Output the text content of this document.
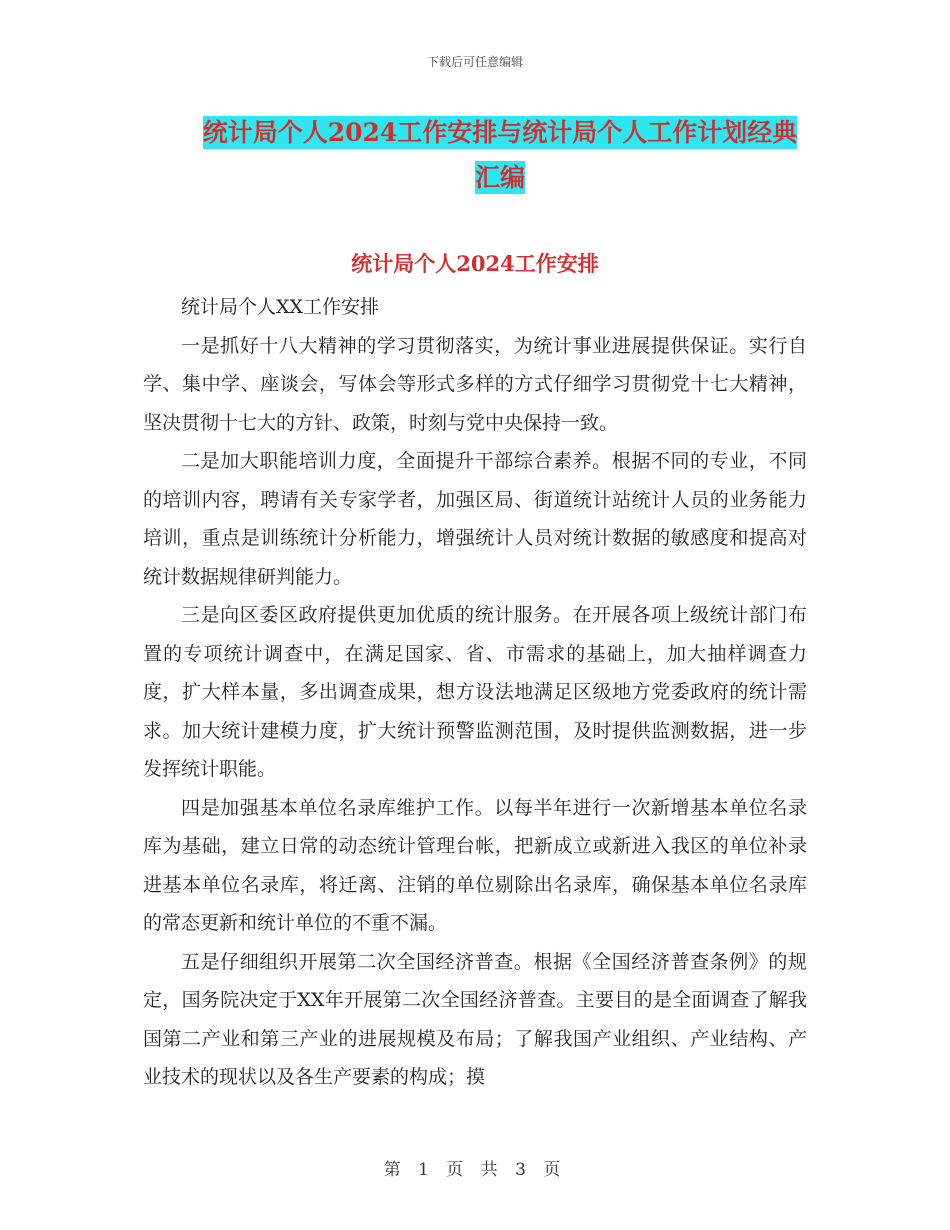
下载后可任意编辑
统计局个人2024工作安排与统计局个人工作计划经典
汇编
统计局个人2024工作安排

统计局个人XX工作安排

一是抓好十八大精神的学习贯彻落实，为统计事业进展提供保证。实行自学、集中学、座谈会，写体会等形式多样的方式仔细学习贯彻党十七大精神，坚决贯彻十七大的方针、政策，时刻与党中央保持一致。

二是加大职能培训力度，全面提升干部综合素养。根据不同的专业，不同的培训内容，聘请有关专家学者，加强区局、街道统计站统计人员的业务能力培训，重点是训练统计分析能力，增强统计人员对统计数据的敏感度和提高对统计数据规律研判能力。

三是向区委区政府提供更加优质的统计服务。在开展各项上级统计部门布置的专项统计调查中，在满足国家、省、市需求的基础上，加大抽样调查力度，扩大样本量，多出调查成果，想方设法地满足区级地方党委政府的统计需求。加大统计建模力度，扩大统计预警监测范围，及时提供监测数据，进一步发挥统计职能。

四是加强基本单位名录库维护工作。以每半年进行一次新增基本单位名录库为基础，建立日常的动态统计管理台帐，把新成立或新进入我区的单位补录进基本单位名录库，将迁离、注销的单位剔除出名录库，确保基本单位名录库的常态更新和统计单位的不重不漏。

五是仔细组织开展第二次全国经济普查。根据《全国经济普查条例》的规定，国务院决定于XX年开展第二次全国经济普查。主要目的是全面调查了解我国第二产业和第三产业的进展规模及布局；了解我国产业组织、产业结构、产业技术的现状以及各生产要素的构成；摸

第 1 页 共 3 页
